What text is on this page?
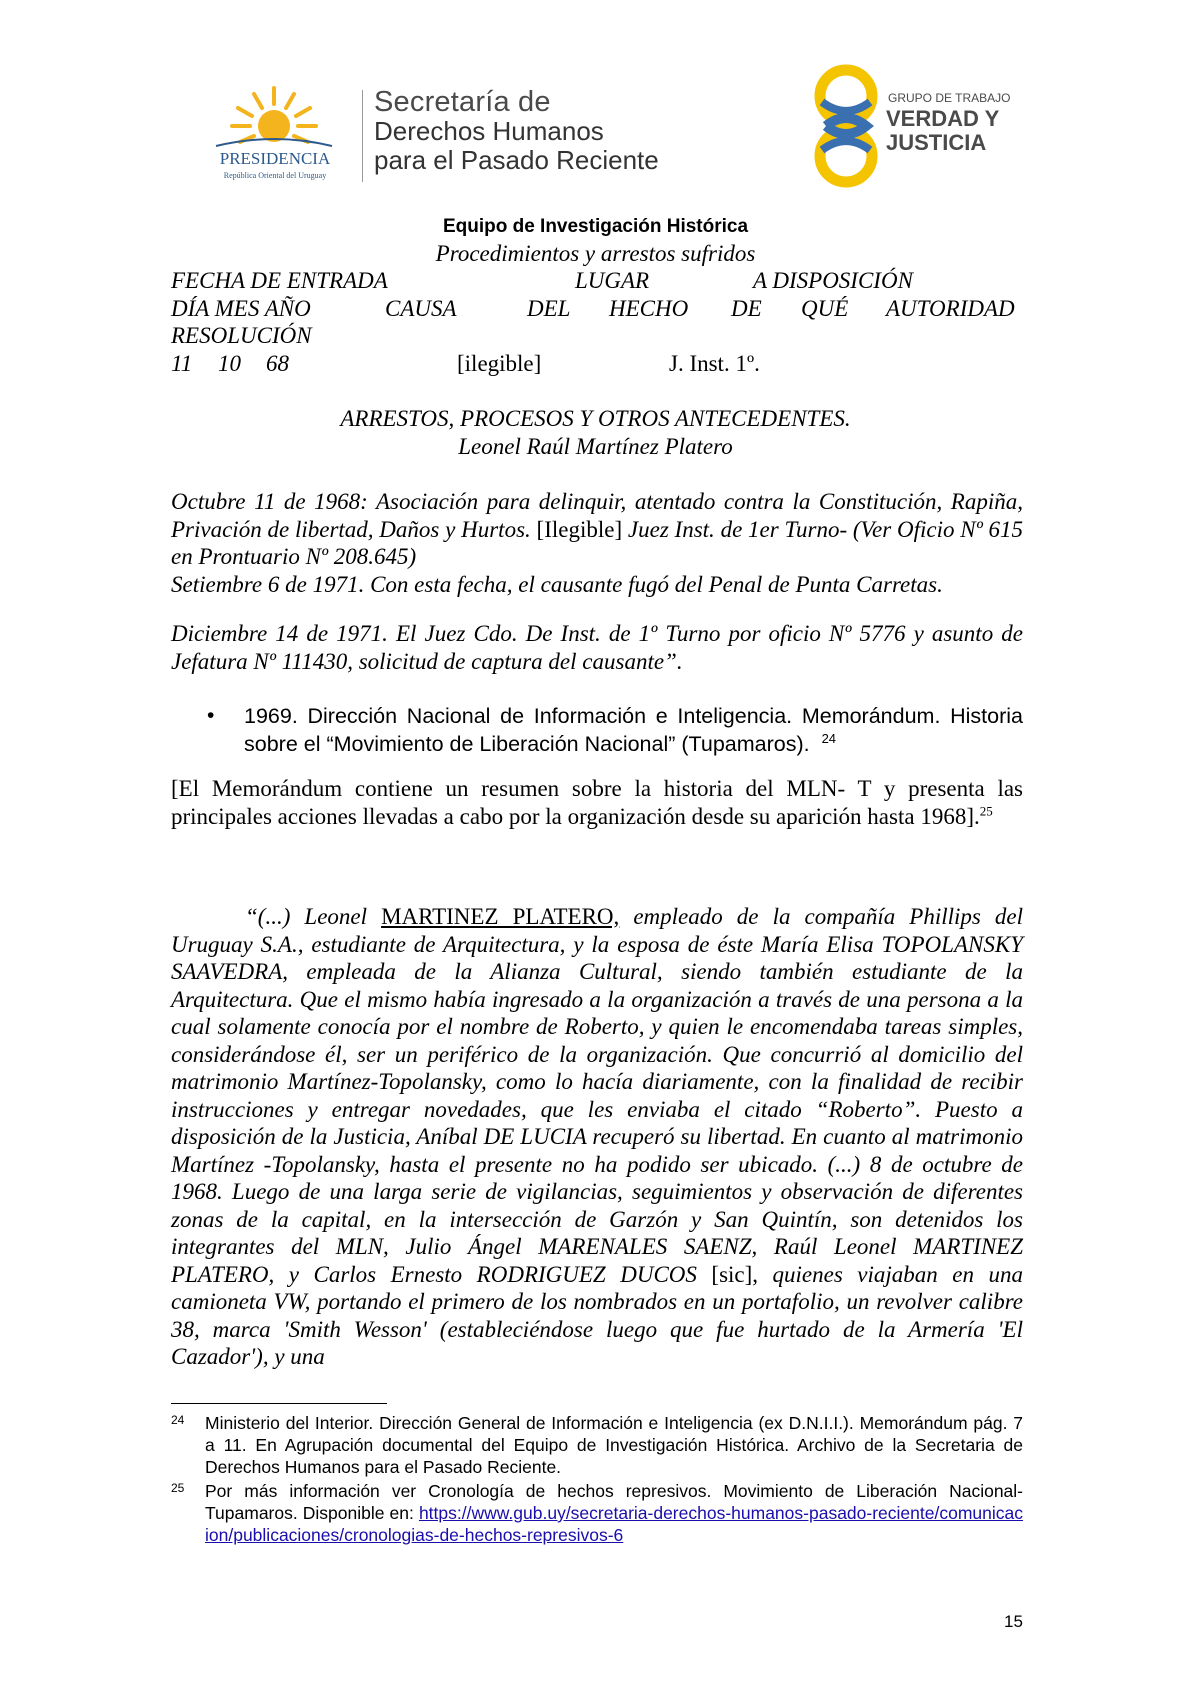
PRESIDENCIA
República Oriental del Uruguay
Secretaría de
Derechos Humanos
para el Pasado Reciente
GRUPO DE TRABAJO
VERDAD Y
JUSTICIA
Equipo de Investigación Histórica
Procedimientos y arrestos sufridos
FECHA DE ENTRADA	LUGAR	A DISPOSICIÓN
DÍA MES AÑO	CAUSA	DEL HECHO DE QUÉ AUTORIDAD
RESOLUCIÓN
11 10 68	[ilegible]	J. Inst. 1º.
ARRESTOS, PROCESOS Y OTROS ANTECEDENTES.
Leonel Raúl Martínez Platero

Octubre 11 de 1968: Asociación para delinquir, atentado contra la Constitución, Rapiña, Privación de libertad, Daños y Hurtos. [Ilegible] Juez Inst. de 1er Turno- (Ver Oficio Nº 615 en Prontuario Nº 208.645)

Setiembre 6 de 1971. Con esta fecha, el causante fugó del Penal de Punta Carretas.

Diciembre 14 de 1971. El Juez Cdo. De Inst. de 1º Turno por oficio Nº 5776 y asunto de Jefatura Nº 111430, solicitud de captura del causante”.

• 1969. Dirección Nacional de Información e Inteligencia. Memorándum. Historia sobre el “Movimiento de Liberación Nacional” (Tupamaros). $^{24}$

[El Memorándum contiene un resumen sobre la historia del MLN- T y presenta las principales acciones llevadas a cabo por la organización desde su aparición hasta 1968].$^{25}$

“(...) Leonel MARTINEZ PLATERO, empleado de la compañía Phillips del Uruguay S.A., estudiante de Arquitectura, y la esposa de éste María Elisa TOPOLANSKY SAAVEDRA, empleada de la Alianza Cultural, siendo también estudiante de la Arquitectura. Que el mismo había ingresado a la organización a través de una persona a la cual solamente conocía por el nombre de Roberto, y quien le encomendaba tareas simples, considerándose él, ser un periférico de la organización. Que concurrió al domicilio del matrimonio Martínez-Topolansky, como lo hacía diariamente, con la finalidad de recibir instrucciones y entregar novedades, que les enviaba el citado “Roberto”. Puesto a disposición de la Justicia, Aníbal DE LUCIA recuperó su libertad. En cuanto al matrimonio Martínez -Topolansky, hasta el presente no ha podido ser ubicado. (...) 8 de octubre de 1968. Luego de una larga serie de vigilancias, seguimientos y observación de diferentes zonas de la capital, en la intersección de Garzón y San Quintín, son detenidos los integrantes del MLN, Julio Ángel MARENALES SAENZ, Raúl Leonel MARTINEZ PLATERO, y Carlos Ernesto RODRIGUEZ DUCOS [sic], quienes viajaban en una camioneta VW, portando el primero de los nombrados en un portafolio, un revolver calibre 38, marca 'Smith Wesson' (estableciéndose luego que fue hurtado de la Armería 'El Cazador'), y una

24 Ministerio del Interior. Dirección General de Información e Inteligencia (ex D.N.I.I.). Memorándum pág. 7 a 11. En Agrupación documental del Equipo de Investigación Histórica. Archivo de la Secretaria de Derechos Humanos para el Pasado Reciente.
25 Por más información ver Cronología de hechos represivos. Movimiento de Liberación Nacional-Tupamaros. Disponible en: https://www.gub.uy/secretaria-derechos-humanos-pasado-reciente/comunicacion/publicaciones/cronologias-de-hechos-represivos-6
15
